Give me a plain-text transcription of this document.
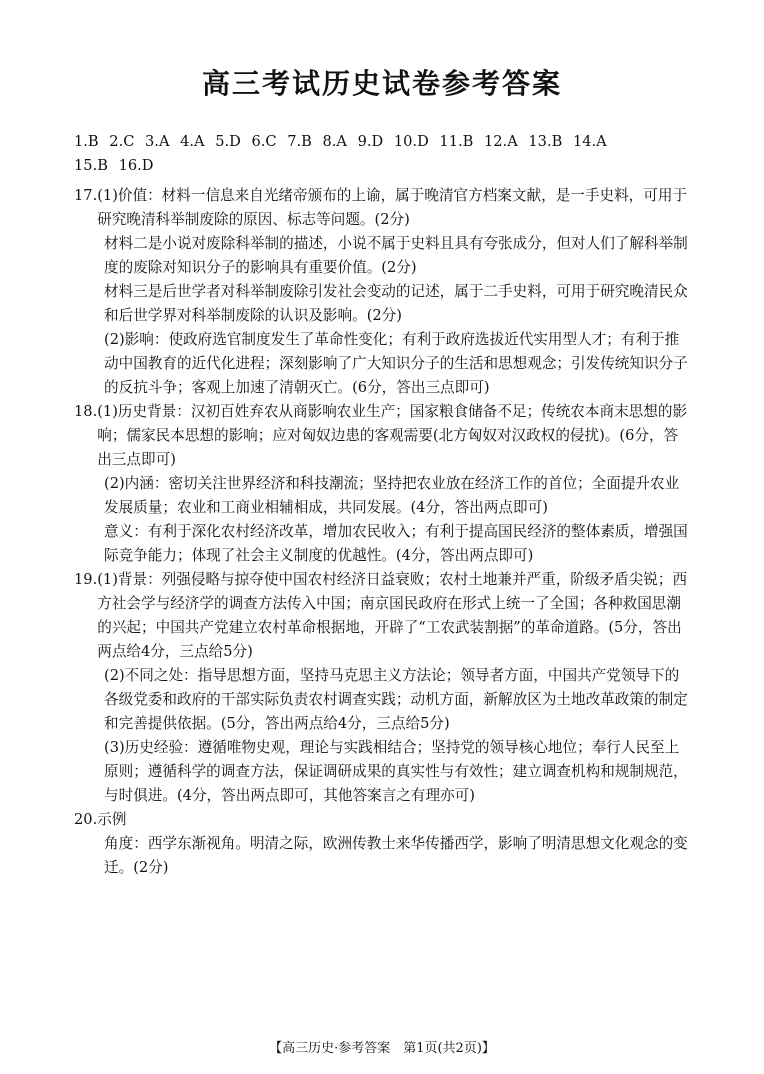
高三考试历史试卷参考答案
1.B 2.C 3.A 4.A 5.D 6.C 7.B 8.A 9.D 10.D 11.B 12.A 13.B 14.A
15.B 16.D
17. (1)价值：材料一信息来自光绪帝颁布的上谕，属于晚清官方档案文献，是一手史料，可用于研究晚清科举制废除的原因、标志等问题。(2分)

材料二是小说对废除科举制的描述，小说不属于史料且具有夸张成分，但对人们了解科举制度的废除对知识分子的影响具有重要价值。(2分)

材料三是后世学者对科举制废除引发社会变动的记述，属于二手史料，可用于研究晚清民众和后世学界对科举制废除的认识及影响。(2分)

(2)影响：使政府选官制度发生了革命性变化；有利于政府选拔近代实用型人才；有利于推动中国教育的近代化进程；深刻影响了广大知识分子的生活和思想观念；引发传统知识分子的反抗斗争；客观上加速了清朝灭亡。(6分，答出三点即可)

18. (1)历史背景：汉初百姓弃农从商影响农业生产；国家粮食储备不足；传统农本商末思想的影响；儒家民本思想的影响；应对匈奴边患的客观需要(北方匈奴对汉政权的侵扰)。(6分，答出三点即可)

(2)内涵：密切关注世界经济和科技潮流；坚持把农业放在经济工作的首位；全面提升农业发展质量；农业和工商业相辅相成，共同发展。(4分，答出两点即可)

意义：有利于深化农村经济改革，增加农民收入；有利于提高国民经济的整体素质，增强国际竞争能力；体现了社会主义制度的优越性。(4分，答出两点即可)

19. (1)背景：列强侵略与掠夺使中国农村经济日益衰败；农村土地兼并严重，阶级矛盾尖锐；西方社会学与经济学的调查方法传入中国；南京国民政府在形式上统一了全国；各种救国思潮的兴起；中国共产党建立农村革命根据地，开辟了“工农武装割据”的革命道路。(5分，答出两点给4分，三点给5分)

(2)不同之处：指导思想方面，坚持马克思主义方法论；领导者方面，中国共产党领导下的各级党委和政府的干部实际负责农村调查实践；动机方面，新解放区为土地改革政策的制定和完善提供依据。(5分，答出两点给4分，三点给5分)

(3)历史经验：遵循唯物史观，理论与实践相结合；坚持党的领导核心地位；奉行人民至上原则；遵循科学的调查方法，保证调研成果的真实性与有效性；建立调查机构和规制规范，与时俱进。(4分，答出两点即可，其他答案言之有理亦可)

20. 示例

角度：西学东渐视角。明清之际，欧洲传教士来华传播西学，影响了明清思想文化观念的变迁。(2分)

【高三历史·参考答案　第1页(共2页)】
